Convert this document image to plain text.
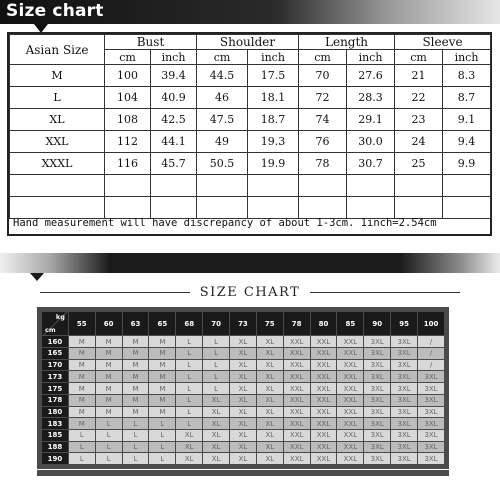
Size chart
Asian Size	Bust		Shoulder		Length		Sleeve	
	cm	inch	cm	inch	cm	inch	cm	inch
M	100	39.4	44.5	17.5	70	27.6	21	8.3
L	104	40.9	46	18.1	72	28.3	22	8.7
XL	108	42.5	47.5	18.7	74	29.1	23	9.1
XXL	112	44.1	49	19.3	76	30.0	24	9.4
XXXL	116	45.7	50.5	19.9	78	30.7	25	9.9

Hand measurement will have discrepancy of about 1-3cm. 1inch=2.54cm
SIZE CHART
kg
cm	55	60	63	65	68	70	73	75	78	80	85	90	95	100
160	M	M	M	M	L	L	XL	XL	XXL	XXL	XXL	3XL	3XL	/
165	M	M	M	M	L	L	XL	XL	XXL	XXL	XXL	3XL	3XL	/
170	M	M	M	M	L	L	XL	XL	XXL	XXL	XXL	3XL	3XL	/
173	M	M	M	M	L	L	XL	XL	XXL	XXL	XXL	3XL	3XL	3XL
175	M	M	M	M	L	L	XL	XL	XXL	XXL	XXL	3XL	3XL	3XL
178	M	M	M	M	L	XL	XL	XL	XXL	XXL	XXL	3XL	3XL	3XL
180	M	M	M	M	L	XL	XL	XL	XXL	XXL	XXL	3XL	3XL	3XL
183	M	L	L	L	L	XL	XL	XL	XXL	XXL	XXL	3XL	3XL	3XL
185	L	L	L	L	XL	XL	XL	XL	XXL	XXL	XXL	3XL	3XL	3XL
188	L	L	L	L	XL	XL	XL	XL	XXL	XXL	XXL	3XL	3XL	3XL
190	L	L	L	L	XL	XL	XL	XL	XXL	XXL	XXL	3XL	3XL	3XL
